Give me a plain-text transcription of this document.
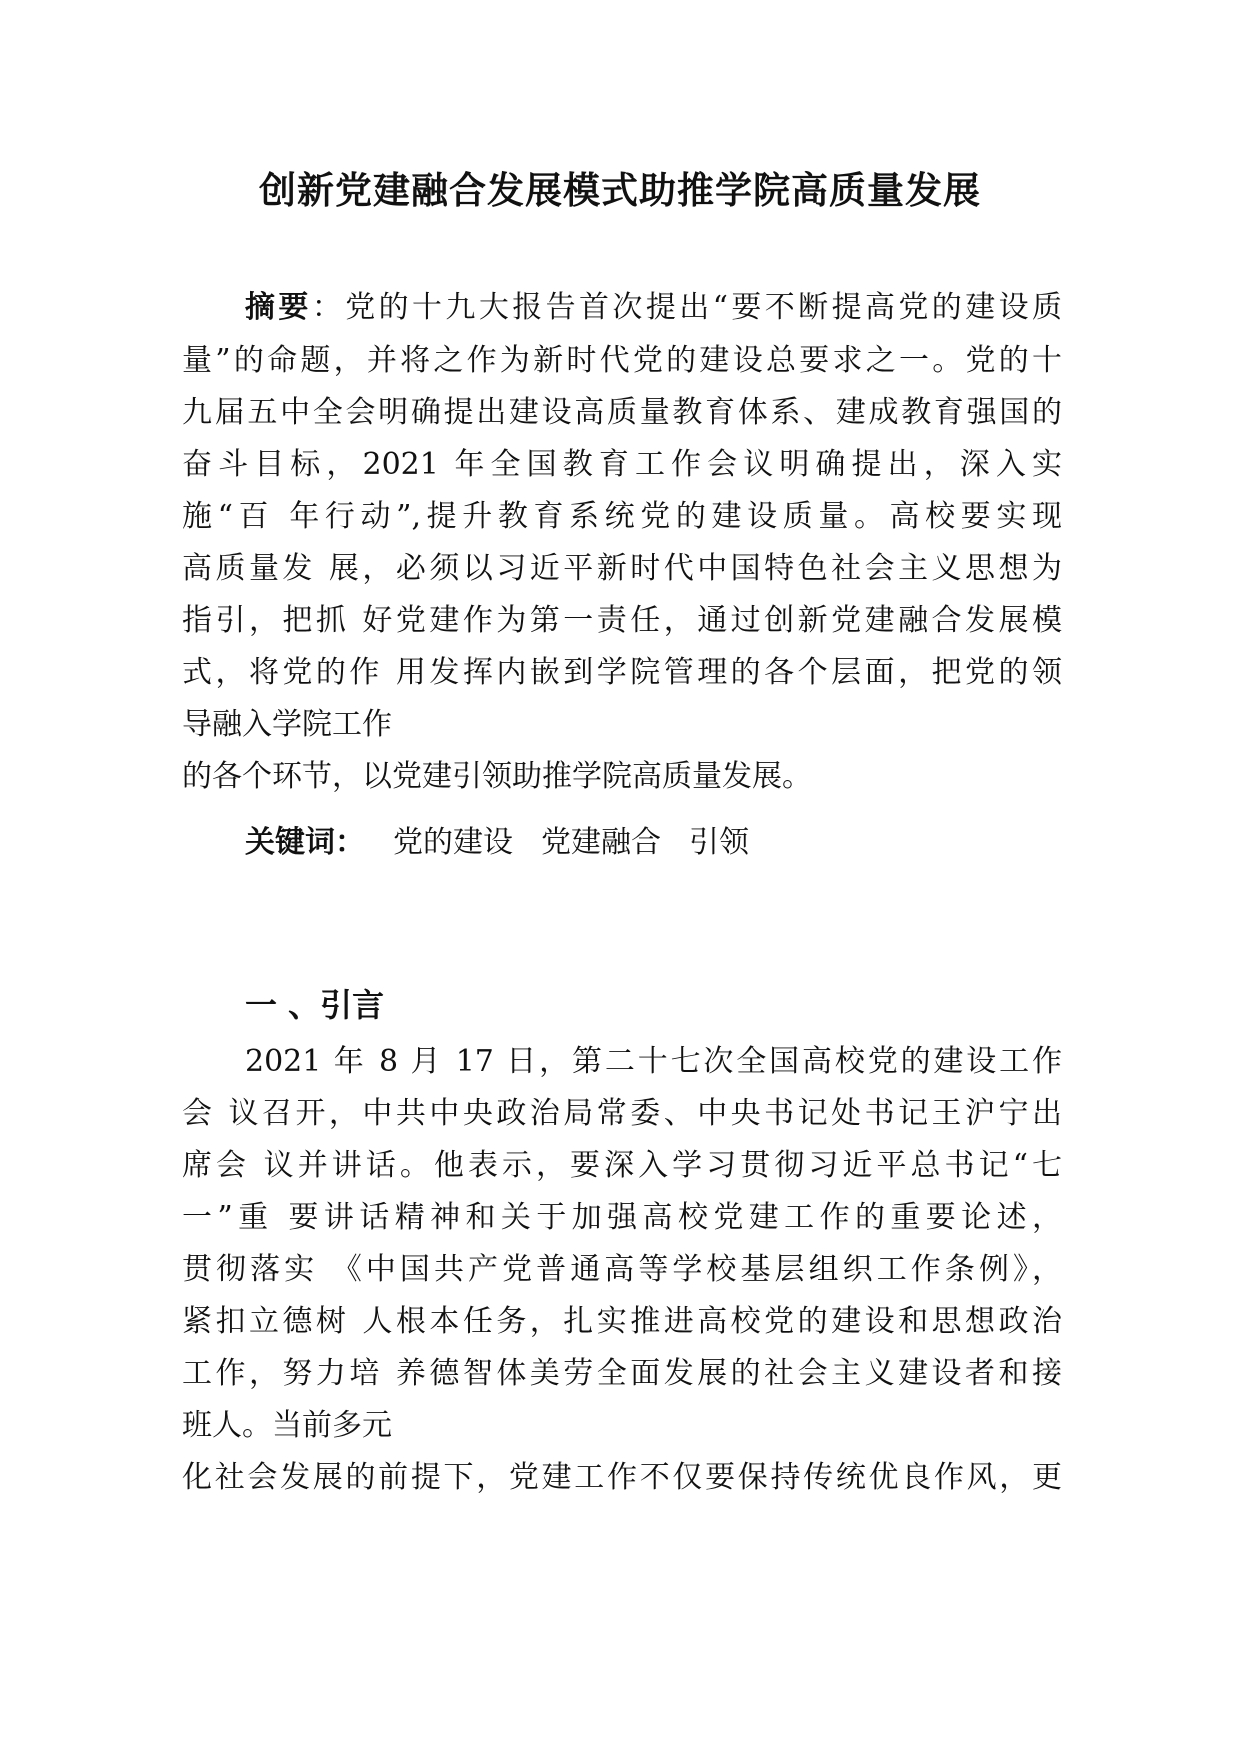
创新党建融合发展模式助推学院高质量发展
摘要：党的十九大报告首次提出“要不断提高党的建设质
量”的命题，并将之作为新时代党的建设总要求之一。党的十
九届五中全会明确提出建设高质量教育体系、建成教育强国的
奋斗目标，2021 年全国教育工作会议明确提出，深入实
施“百 年行动”,提升教育系统党的建设质量。高校要实现
高质量发 展，必须以习近平新时代中国特色社会主义思想为
指引，把抓 好党建作为第一责任，通过创新党建融合发展模
式，将党的作 用发挥内嵌到学院管理的各个层面，把党的领
导融入学院工作
的各个环节，以党建引领助推学院高质量发展。
关键词： 党的建设 党建融合 引领
一 、引言
2021 年 8 月 17 日，第二十七次全国高校党的建设工作
会 议召开，中共中央政治局常委、中央书记处书记王沪宁出
席会 议并讲话。他表示，要深入学习贯彻习近平总书记“七
一”重 要讲话精神和关于加强高校党建工作的重要论述，
贯彻落实 《中国共产党普通高等学校基层组织工作条例》，
紧扣立德树 人根本任务，扎实推进高校党的建设和思想政治
工作，努力培 养德智体美劳全面发展的社会主义建设者和接
班人。当前多元
化社会发展的前提下，党建工作不仅要保持传统优良作风，更
